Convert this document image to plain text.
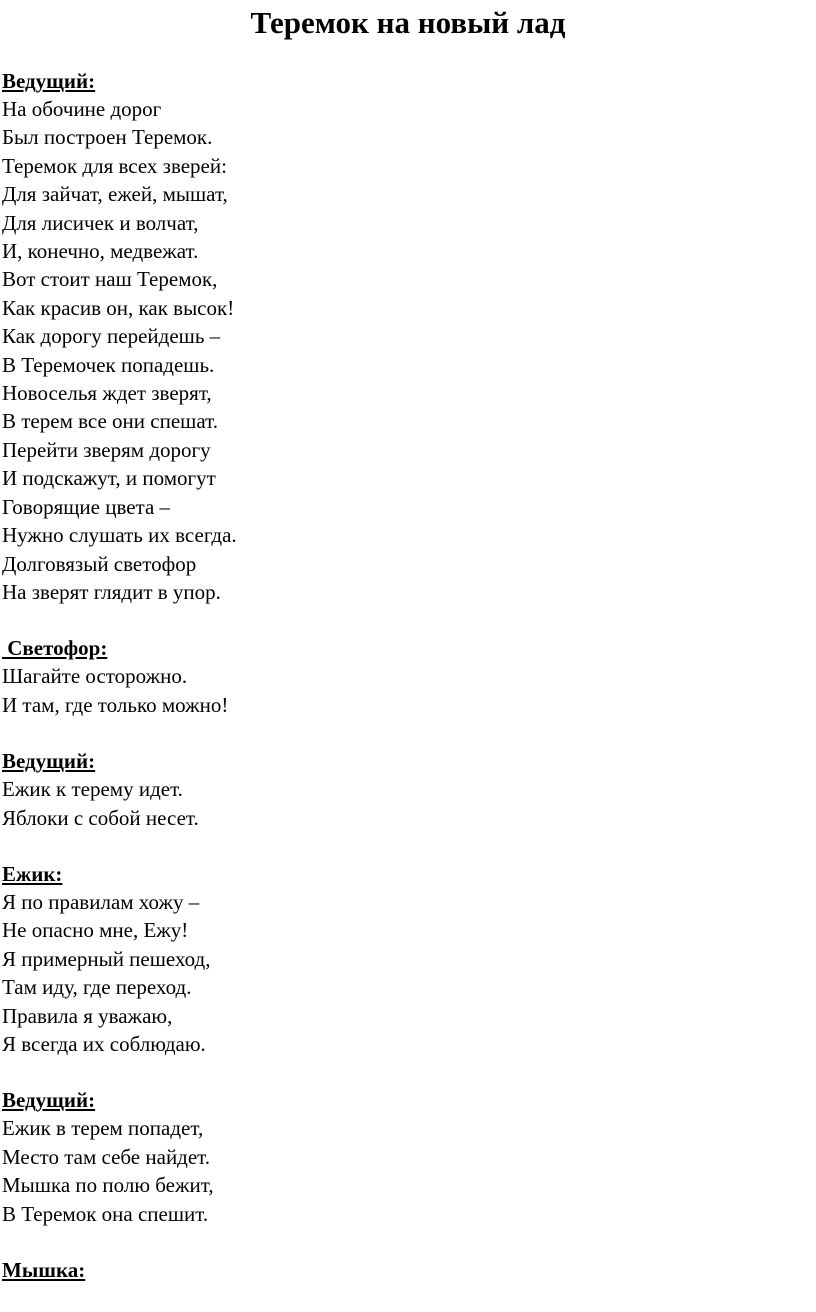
Теремок на новый лад
Ведущий:
На обочине дорог
Был построен Теремок.
Теремок для всех зверей:
Для зайчат, ежей, мышат,
Для лисичек и волчат,
И, конечно, медвежат.
Вот стоит наш Теремок,
Как красив он, как высок!
Как дорогу перейдешь –
В Теремочек попадешь.
Новоселья ждет зверят,
В терем все они спешат.
Перейти зверям дорогу
И подскажут, и помогут
Говорящие цвета –
Нужно слушать их всегда.
Долговязый светофор
На зверят глядит в упор.
Светофор:
Шагайте осторожно.
И там, где только можно!
Ведущий:
Ежик к терему идет.
Яблоки с собой несет.
Ежик:
Я по правилам хожу –
Не опасно мне, Ежу!
Я примерный пешеход,
Там иду, где переход.
Правила я уважаю,
Я всегда их соблюдаю.
Ведущий:
Ежик в терем попадет,
Место там себе найдет.
Мышка по полю бежит,
В Теремок она спешит.
Мышка:
